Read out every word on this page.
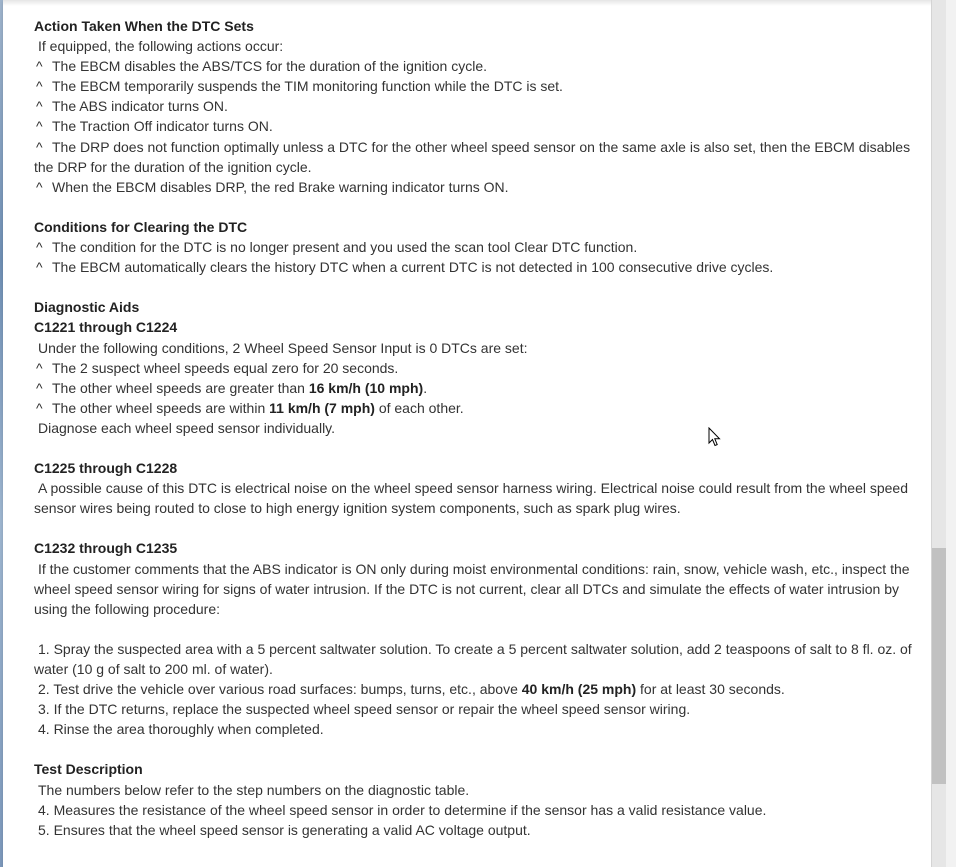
Action Taken When the DTC Sets

If equipped, the following actions occur:

^ The EBCM disables the ABS/TCS for the duration of the ignition cycle.

^ The EBCM temporarily suspends the TIM monitoring function while the DTC is set.

^ The ABS indicator turns ON.

^ The Traction Off indicator turns ON.

^ The DRP does not function optimally unless a DTC for the other wheel speed sensor on the same axle is also set, then the EBCM disables the DRP for the duration of the ignition cycle.

^ When the EBCM disables DRP, the red Brake warning indicator turns ON.

Conditions for Clearing the DTC

^ The condition for the DTC is no longer present and you used the scan tool Clear DTC function.

^ The EBCM automatically clears the history DTC when a current DTC is not detected in 100 consecutive drive cycles.

Diagnostic Aids
C1221 through C1224

Under the following conditions, 2 Wheel Speed Sensor Input is 0 DTCs are set:

^ The 2 suspect wheel speeds equal zero for 20 seconds.

^ The other wheel speeds are greater than 16 km/h (10 mph).

^ The other wheel speeds are within 11 km/h (7 mph) of each other.

Diagnose each wheel speed sensor individually.

C1225 through C1228

A possible cause of this DTC is electrical noise on the wheel speed sensor harness wiring. Electrical noise could result from the wheel speed sensor wires being routed to close to high energy ignition system components, such as spark plug wires.

C1232 through C1235

If the customer comments that the ABS indicator is ON only during moist environmental conditions: rain, snow, vehicle wash, etc., inspect the wheel speed sensor wiring for signs of water intrusion. If the DTC is not current, clear all DTCs and simulate the effects of water intrusion by using the following procedure:

1. Spray the suspected area with a 5 percent saltwater solution. To create a 5 percent saltwater solution, add 2 teaspoons of salt to 8 fl. oz. of water (10 g of salt to 200 ml. of water).

2. Test drive the vehicle over various road surfaces: bumps, turns, etc., above 40 km/h (25 mph) for at least 30 seconds.

3. If the DTC returns, replace the suspected wheel speed sensor or repair the wheel speed sensor wiring.

4. Rinse the area thoroughly when completed.

Test Description

The numbers below refer to the step numbers on the diagnostic table.

4. Measures the resistance of the wheel speed sensor in order to determine if the sensor has a valid resistance value.

5. Ensures that the wheel speed sensor is generating a valid AC voltage output.
